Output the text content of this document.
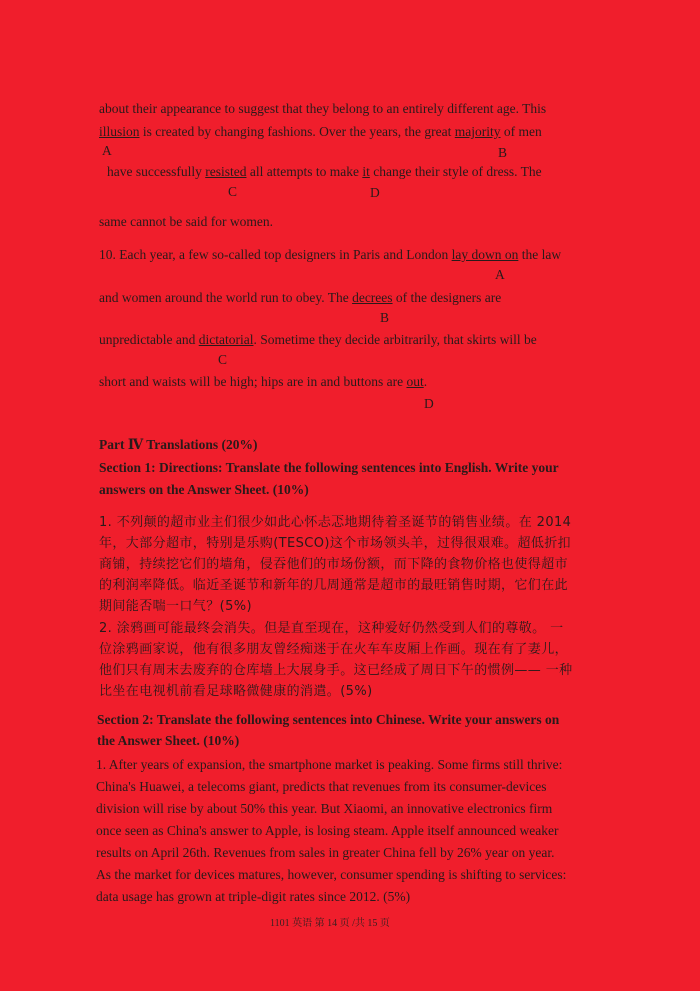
about their appearance to suggest that they belong to an entirely different age. This
illusion is created by changing fashions. Over the years, the great majority of men
A	B
have successfully resisted all attempts to make it change their style of dress. The
C	D
same cannot be said for women.
10. Each year, a few so-called top designers in Paris and London lay down on the law
A
and women around the world run to obey. The decrees of the designers are
B
unpredictable and dictatorial. Sometime they decide arbitrarily, that skirts will be
C
short and waists will be high; hips are in and buttons are out.
D
Part Ⅳ Translations (20%)
Section 1: Directions: Translate the following sentences into English. Write your
answers on the Answer Sheet. (10%)
1. 不列颠的超市业主们很少如此心怀忐忑地期待着圣诞节的销售业绩。在 2014
年，大部分超市，特别是乐购(TESCO)这个市场领头羊，过得很艰难。超低折扣
商铺，持续挖它们的墙角，侵吞他们的市场份额，而下降的食物价格也使得超市
的利润率降低。临近圣诞节和新年的几周通常是超市的最旺销售时期，它们在此
期间能否喘一口气？(5%)
2. 涂鸦画可能最终会消失。但是直至现在，这种爱好仍然受到人们的尊敬。 一
位涂鸦画家说，他有很多朋友曾经痴迷于在火车车皮厢上作画。现在有了妻儿，
他们只有周末去废弃的仓库墙上大展身手。这已经成了周日下午的惯例—— 一种
比坐在电视机前看足球略微健康的消遣。(5%)
Section 2: Translate the following sentences into Chinese. Write your answers on
the Answer Sheet. (10%)
1. After years of expansion, the smartphone market is peaking. Some firms still thrive:
China's Huawei, a telecoms giant, predicts that revenues from its consumer-devices
division will rise by about 50% this year. But Xiaomi, an innovative electronics firm
once seen as China's answer to Apple, is losing steam. Apple itself announced weaker
results on April 26th. Revenues from sales in greater China fell by 26% year on year.
As the market for devices matures, however, consumer spending is shifting to services:
data usage has grown at triple-digit rates since 2012. (5%)
1101 英语 第 14 页 /共 15 页
